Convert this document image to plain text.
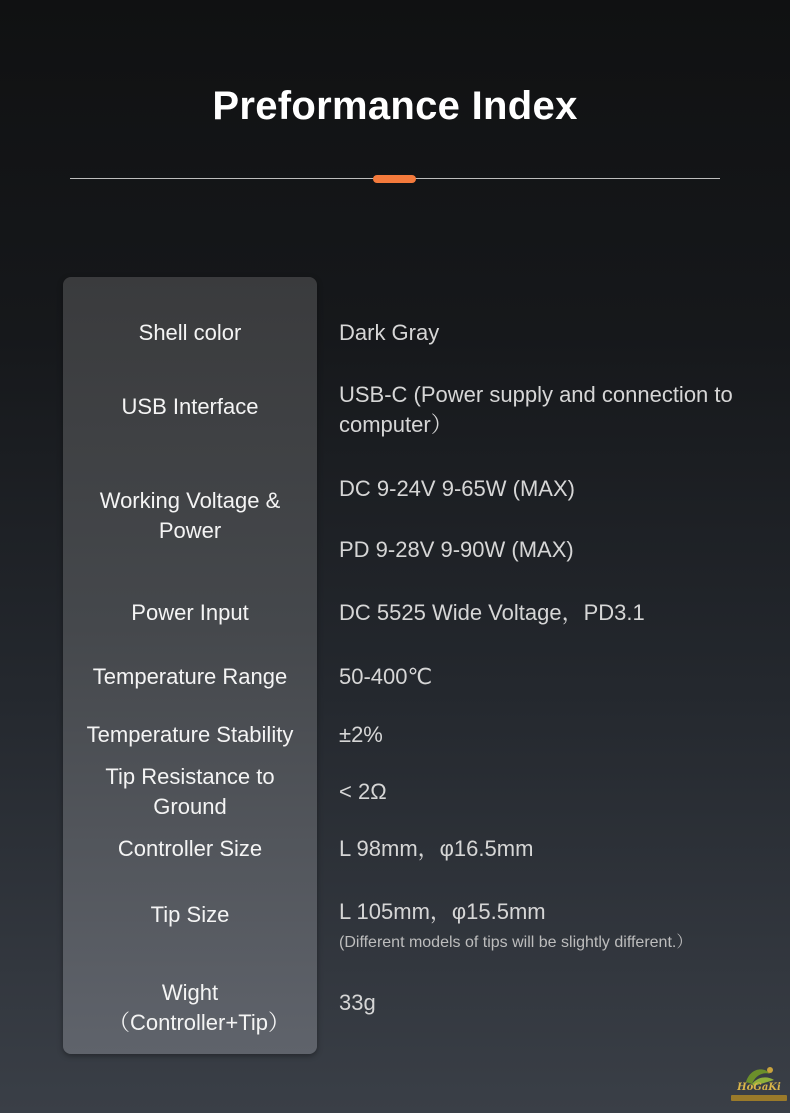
Preformance Index
Shell color
USB Interface
Working Voltage & Power
Power Input
Temperature Range
Temperature Stability
Tip Resistance to Ground
Controller Size
Tip Size
Wight （Controller+Tip）
Dark Gray
USB-C (Power supply and connection to computer）
DC 9-24V 9-65W (MAX)
PD 9-28V 9-90W (MAX)
DC 5525 Wide Voltage，PD3.1
50-400℃
±2%
< 2Ω
L 98mm，φ16.5mm
L 105mm，φ15.5mm
(Different models of tips will be slightly different.）
33g
HoGaKi
